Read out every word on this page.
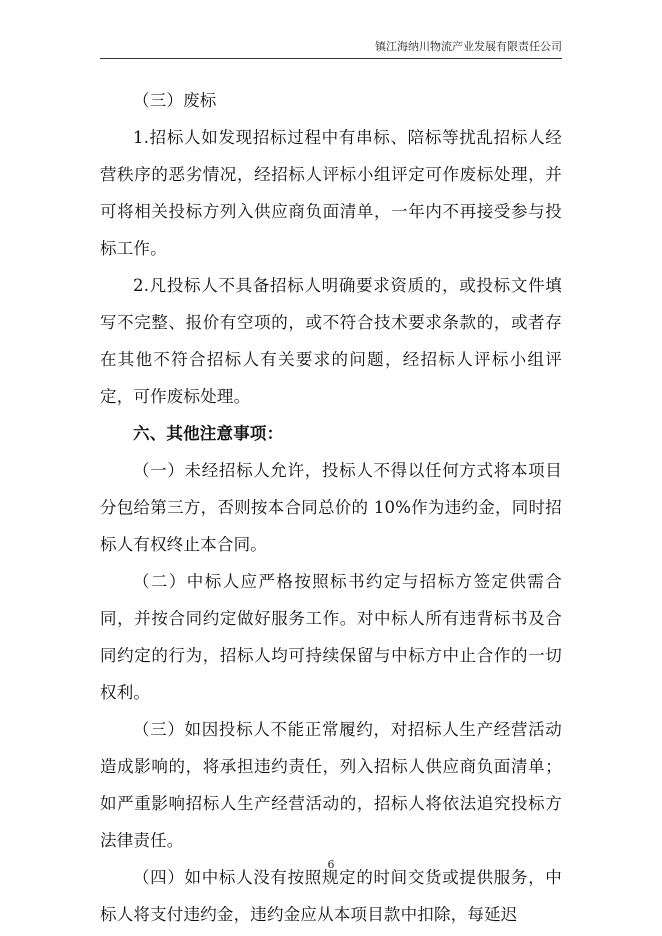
镇江海纳川物流产业发展有限责任公司

（三）废标

1.招标人如发现招标过程中有串标、陪标等扰乱招标人经营秩序的恶劣情况，经招标人评标小组评定可作废标处理，并可将相关投标方列入供应商负面清单，一年内不再接受参与投标工作。

2.凡投标人不具备招标人明确要求资质的，或投标文件填写不完整、报价有空项的，或不符合技术要求条款的，或者存在其他不符合招标人有关要求的问题，经招标人评标小组评定，可作废标处理。

六、其他注意事项：

（一）未经招标人允许，投标人不得以任何方式将本项目分包给第三方，否则按本合同总价的 10%作为违约金，同时招标人有权终止本合同。

（二）中标人应严格按照标书约定与招标方签定供需合同，并按合同约定做好服务工作。对中标人所有违背标书及合同约定的行为，招标人均可持续保留与中标方中止合作的一切权利。

（三）如因投标人不能正常履约，对招标人生产经营活动造成影响的，将承担违约责任，列入招标人供应商负面清单；如严重影响招标人生产经营活动的，招标人将依法追究投标方法律责任。

（四）如中标人没有按照规定的时间交货或提供服务，中标人将支付违约金，违约金应从本项目款中扣除，每延迟

6
